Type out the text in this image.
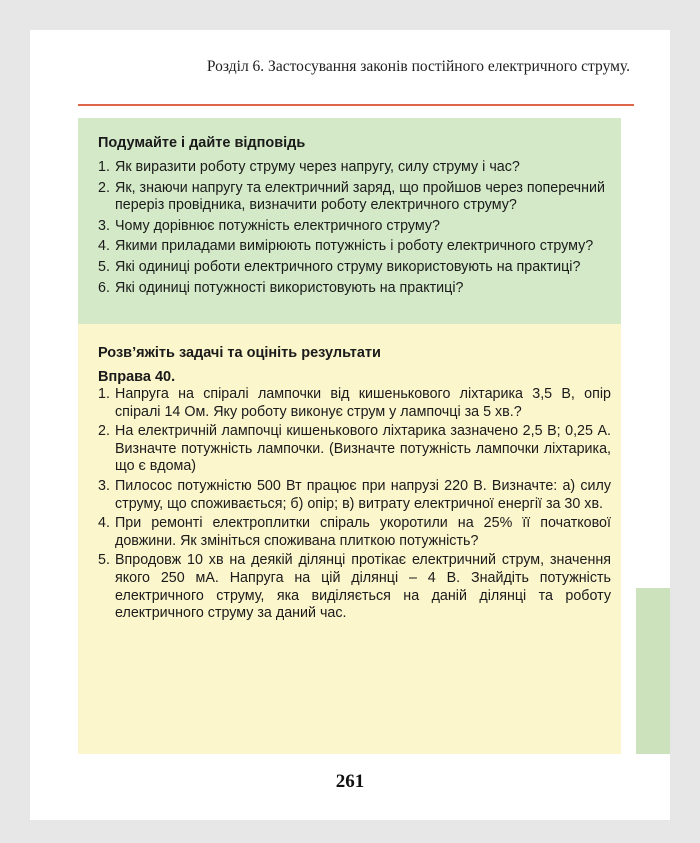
Розділ 6. Застосування законів постійного електричного струму.
Подумайте і дайте відповідь
1. Як виразити роботу струму через напругу, силу струму і час?
2. Як, знаючи напругу та електричний заряд, що пройшов через поперечний переріз провідника, визначити роботу електричного струму?
3. Чому дорівнює потужність електричного струму?
4. Якими приладами вимірюють потужність і роботу електричного струму?
5. Які одиниці роботи електричного струму використовують на практиці?
6. Які одиниці потужності використовують на практиці?
Розв’яжіть задачі та оцініть результати
Вправа 40.
1. Напруга на спіралі лампочки від кишенькового ліхтарика 3,5 В, опір спіралі 14 Ом. Яку роботу виконує струм у лампочці за 5 хв.?
2. На електричній лампочці кишенькового ліхтарика зазначено 2,5 В; 0,25 А. Визначте потужність лампочки. (Визначте потужність лампочки ліхтарика, що є вдома)
3. Пилосос потужністю 500 Вт працює при напрузі 220 В. Визначте: а) силу струму, що споживається; б) опір; в) витрату електричної енергії за 30 хв.
4. При ремонті електроплитки спіраль укоротили на 25% її початкової довжини. Як змініться споживана плиткою потужність?
5. Впродовж 10 хв на деякій ділянці протікає електричний струм, значення якого 250 мА. Напруга на цій ділянці – 4 В. Знайдіть потужність електричного струму, яка виділяється на даній ділянці та роботу електричного струму за даний час.
261
